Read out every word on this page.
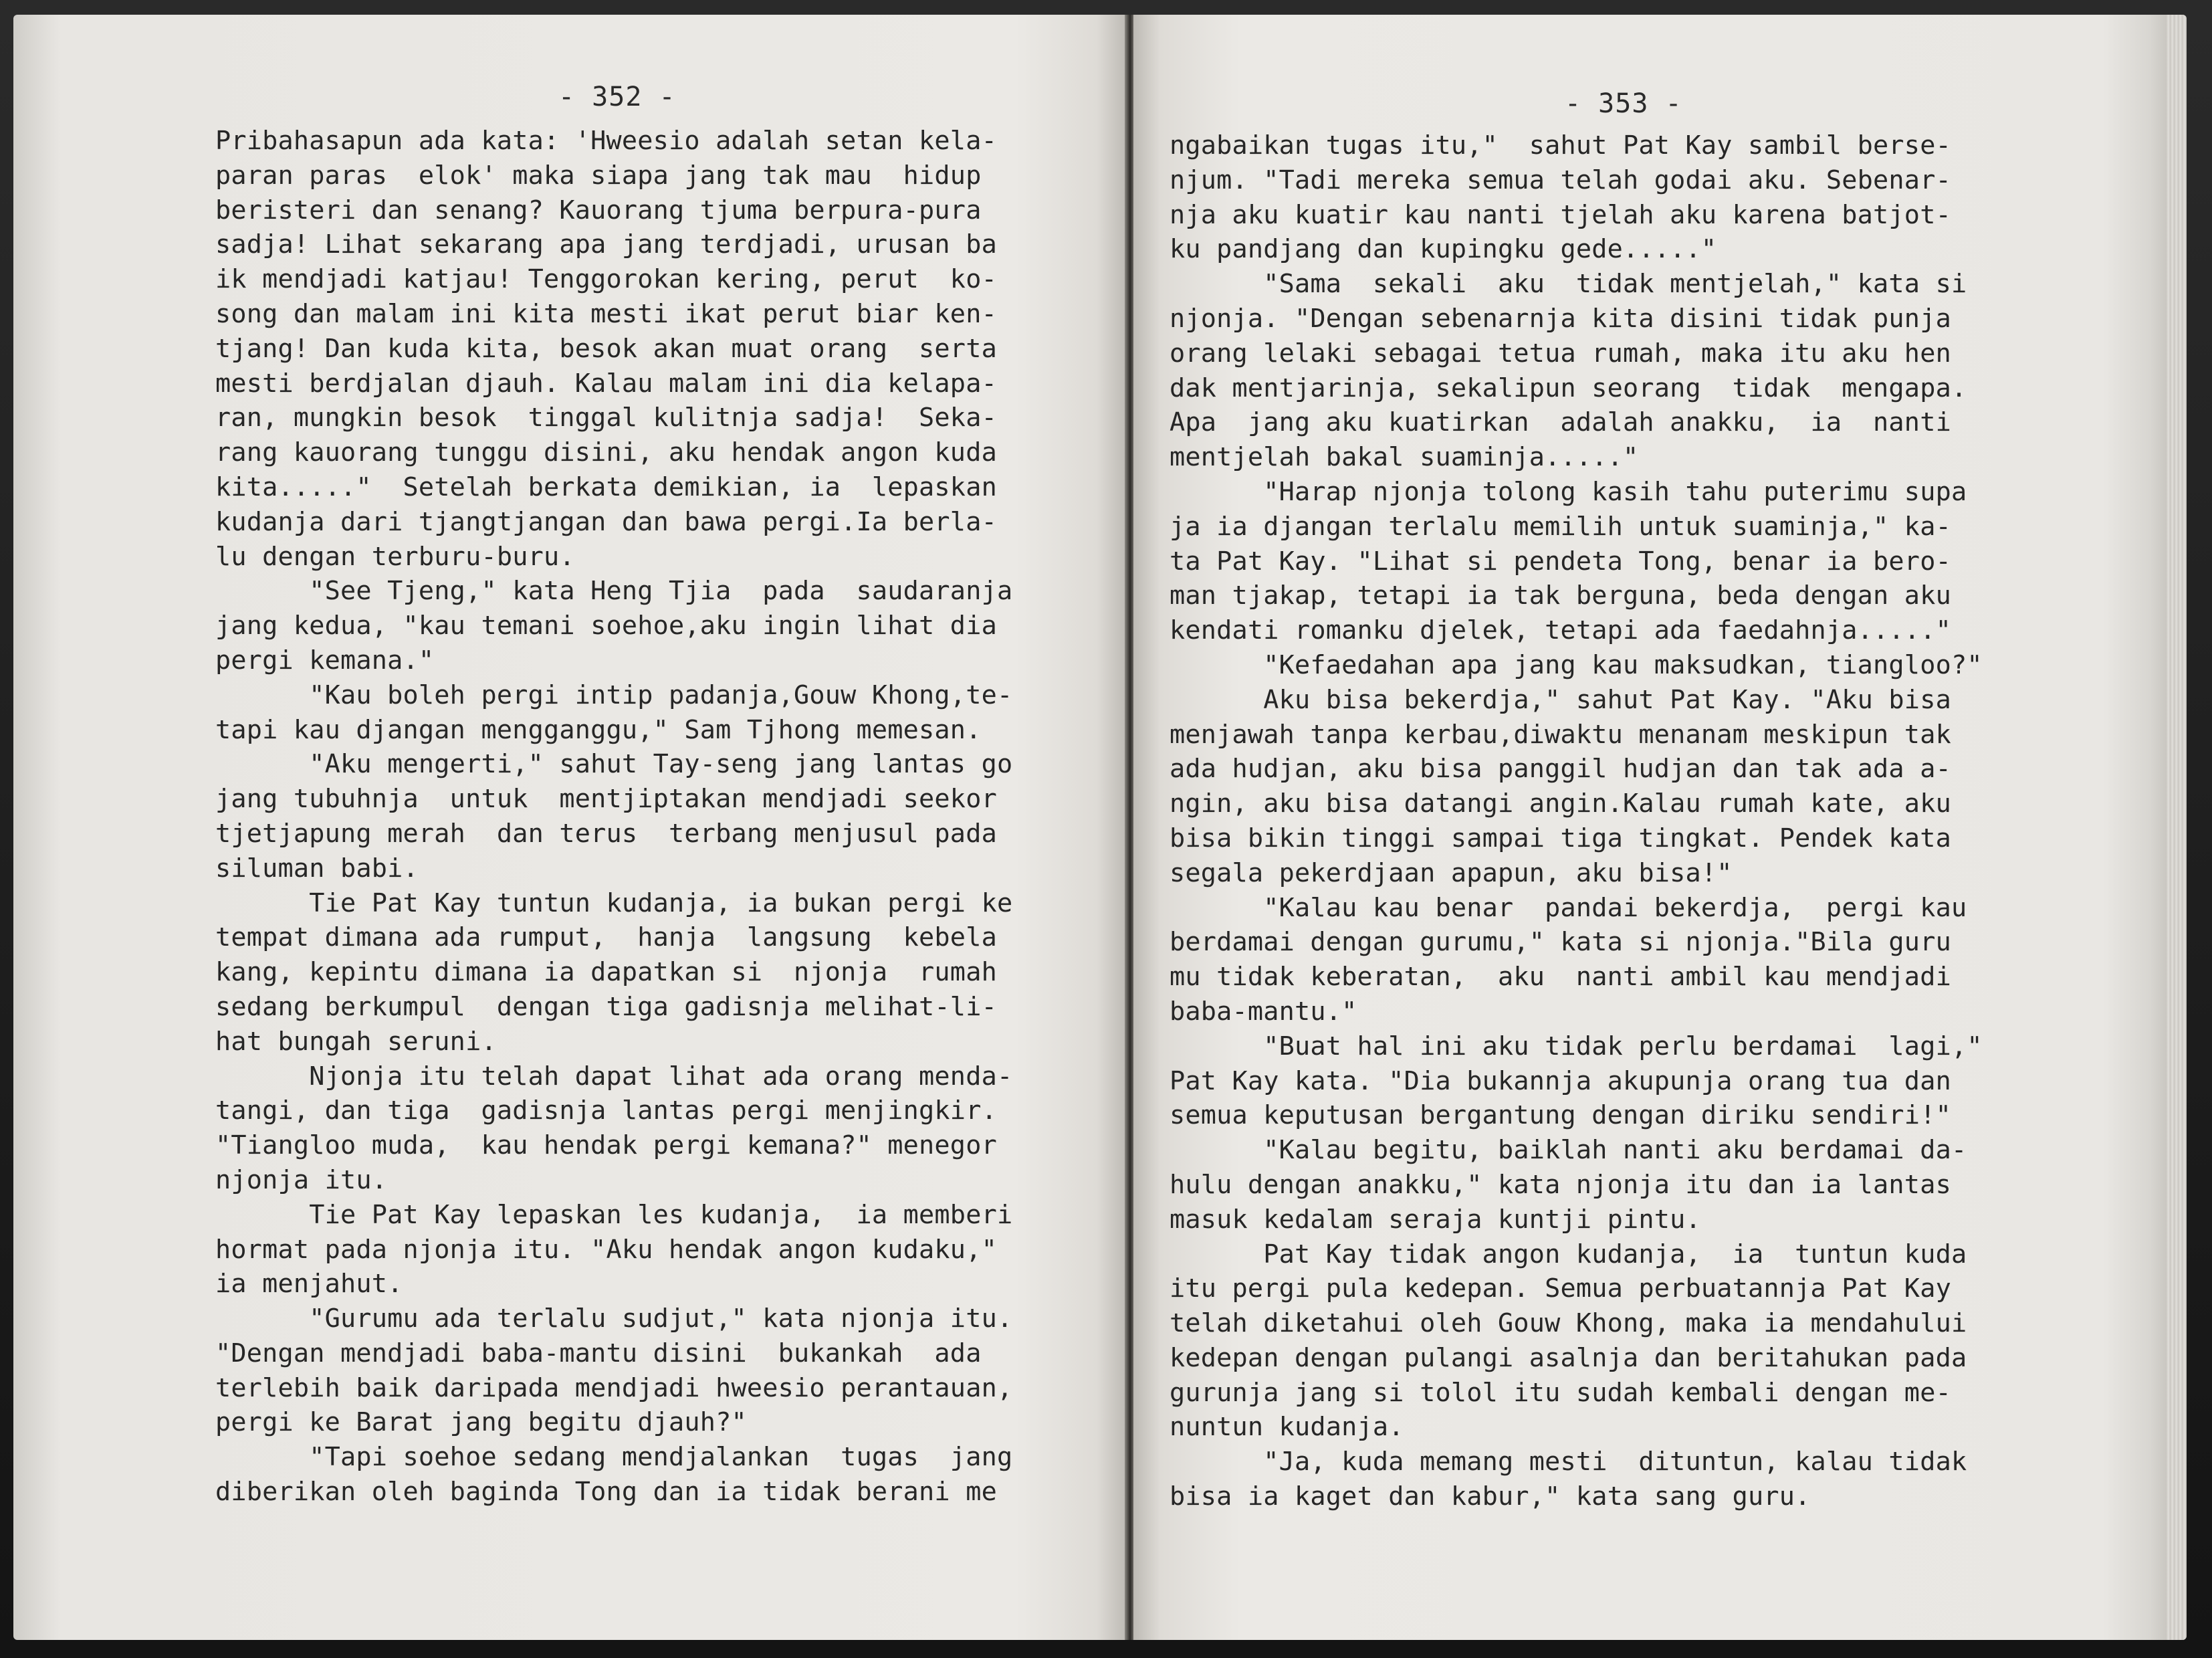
- 352 -
Pribahasapun ada kata: 'Hweesio adalah setan kela-
paran paras  elok' maka siapa jang tak mau  hidup
beristeri dan senang? Kauorang tjuma berpura-pura
sadja! Lihat sekarang apa jang terdjadi, urusan ba
ik mendjadi katjau! Tenggorokan kering, perut  ko-
song dan malam ini kita mesti ikat perut biar ken-
tjang! Dan kuda kita, besok akan muat orang  serta
mesti berdjalan djauh. Kalau malam ini dia kelapa-
ran, mungkin besok  tinggal kulitnja sadja!  Seka-
rang kauorang tunggu disini, aku hendak angon kuda
kita....."  Setelah berkata demikian, ia  lepaskan
kudanja dari tjangtjangan dan bawa pergi.Ia berla-
lu dengan terburu-buru.
"See Tjeng," kata Heng Tjia  pada  saudaranja
jang kedua, "kau temani soehoe,aku ingin lihat dia
pergi kemana."
"Kau boleh pergi intip padanja,Gouw Khong,te-
tapi kau djangan mengganggu," Sam Tjhong memesan.
"Aku mengerti," sahut Tay-seng jang lantas go
jang tubuhnja  untuk  mentjiptakan mendjadi seekor
tjetjapung merah  dan terus  terbang menjusul pada
siluman babi.
Tie Pat Kay tuntun kudanja, ia bukan pergi ke
tempat dimana ada rumput,  hanja  langsung  kebela
kang, kepintu dimana ia dapatkan si  njonja  rumah
sedang berkumpul  dengan tiga gadisnja melihat-li-
hat bungah seruni.
Njonja itu telah dapat lihat ada orang menda-
tangi, dan tiga  gadisnja lantas pergi menjingkir.
"Tiangloo muda,  kau hendak pergi kemana?" menegor
njonja itu.
Tie Pat Kay lepaskan les kudanja,  ia memberi
hormat pada njonja itu. "Aku hendak angon kudaku,"
ia menjahut.
"Gurumu ada terlalu sudjut," kata njonja itu.
"Dengan mendjadi baba-mantu disini  bukankah  ada
terlebih baik daripada mendjadi hweesio perantauan,
pergi ke Barat jang begitu djauh?"
"Tapi soehoe sedang mendjalankan  tugas  jang
diberikan oleh baginda Tong dan ia tidak berani me
- 353 -
ngabaikan tugas itu,"  sahut Pat Kay sambil berse-
njum. "Tadi mereka semua telah godai aku. Sebenar-
nja aku kuatir kau nanti tjelah aku karena batjot-
ku pandjang dan kupingku gede....."
"Sama  sekali  aku  tidak mentjelah," kata si
njonja. "Dengan sebenarnja kita disini tidak punja
orang lelaki sebagai tetua rumah, maka itu aku hen
dak mentjarinja, sekalipun seorang  tidak  mengapa.
Apa  jang aku kuatirkan  adalah anakku,  ia  nanti
mentjelah bakal suaminja....."
"Harap njonja tolong kasih tahu puterimu supa
ja ia djangan terlalu memilih untuk suaminja," ka-
ta Pat Kay. "Lihat si pendeta Tong, benar ia bero-
man tjakap, tetapi ia tak berguna, beda dengan aku
kendati romanku djelek, tetapi ada faedahnja....."
"Kefaedahan apa jang kau maksudkan, tiangloo?"
Aku bisa bekerdja," sahut Pat Kay. "Aku bisa
menjawah tanpa kerbau,diwaktu menanam meskipun tak
ada hudjan, aku bisa panggil hudjan dan tak ada a-
ngin, aku bisa datangi angin.Kalau rumah kate, aku
bisa bikin tinggi sampai tiga tingkat. Pendek kata
segala pekerdjaan apapun, aku bisa!"
"Kalau kau benar  pandai bekerdja,  pergi kau
berdamai dengan gurumu," kata si njonja."Bila guru
mu tidak keberatan,  aku  nanti ambil kau mendjadi
baba-mantu."
"Buat hal ini aku tidak perlu berdamai  lagi,"
Pat Kay kata. "Dia bukannja akupunja orang tua dan
semua keputusan bergantung dengan diriku sendiri!"
"Kalau begitu, baiklah nanti aku berdamai da-
hulu dengan anakku," kata njonja itu dan ia lantas
masuk kedalam seraja kuntji pintu.
Pat Kay tidak angon kudanja,  ia  tuntun kuda
itu pergi pula kedepan. Semua perbuatannja Pat Kay
telah diketahui oleh Gouw Khong, maka ia mendahului
kedepan dengan pulangi asalnja dan beritahukan pada
gurunja jang si tolol itu sudah kembali dengan me-
nuntun kudanja.
"Ja, kuda memang mesti  dituntun, kalau tidak
bisa ia kaget dan kabur," kata sang guru.
